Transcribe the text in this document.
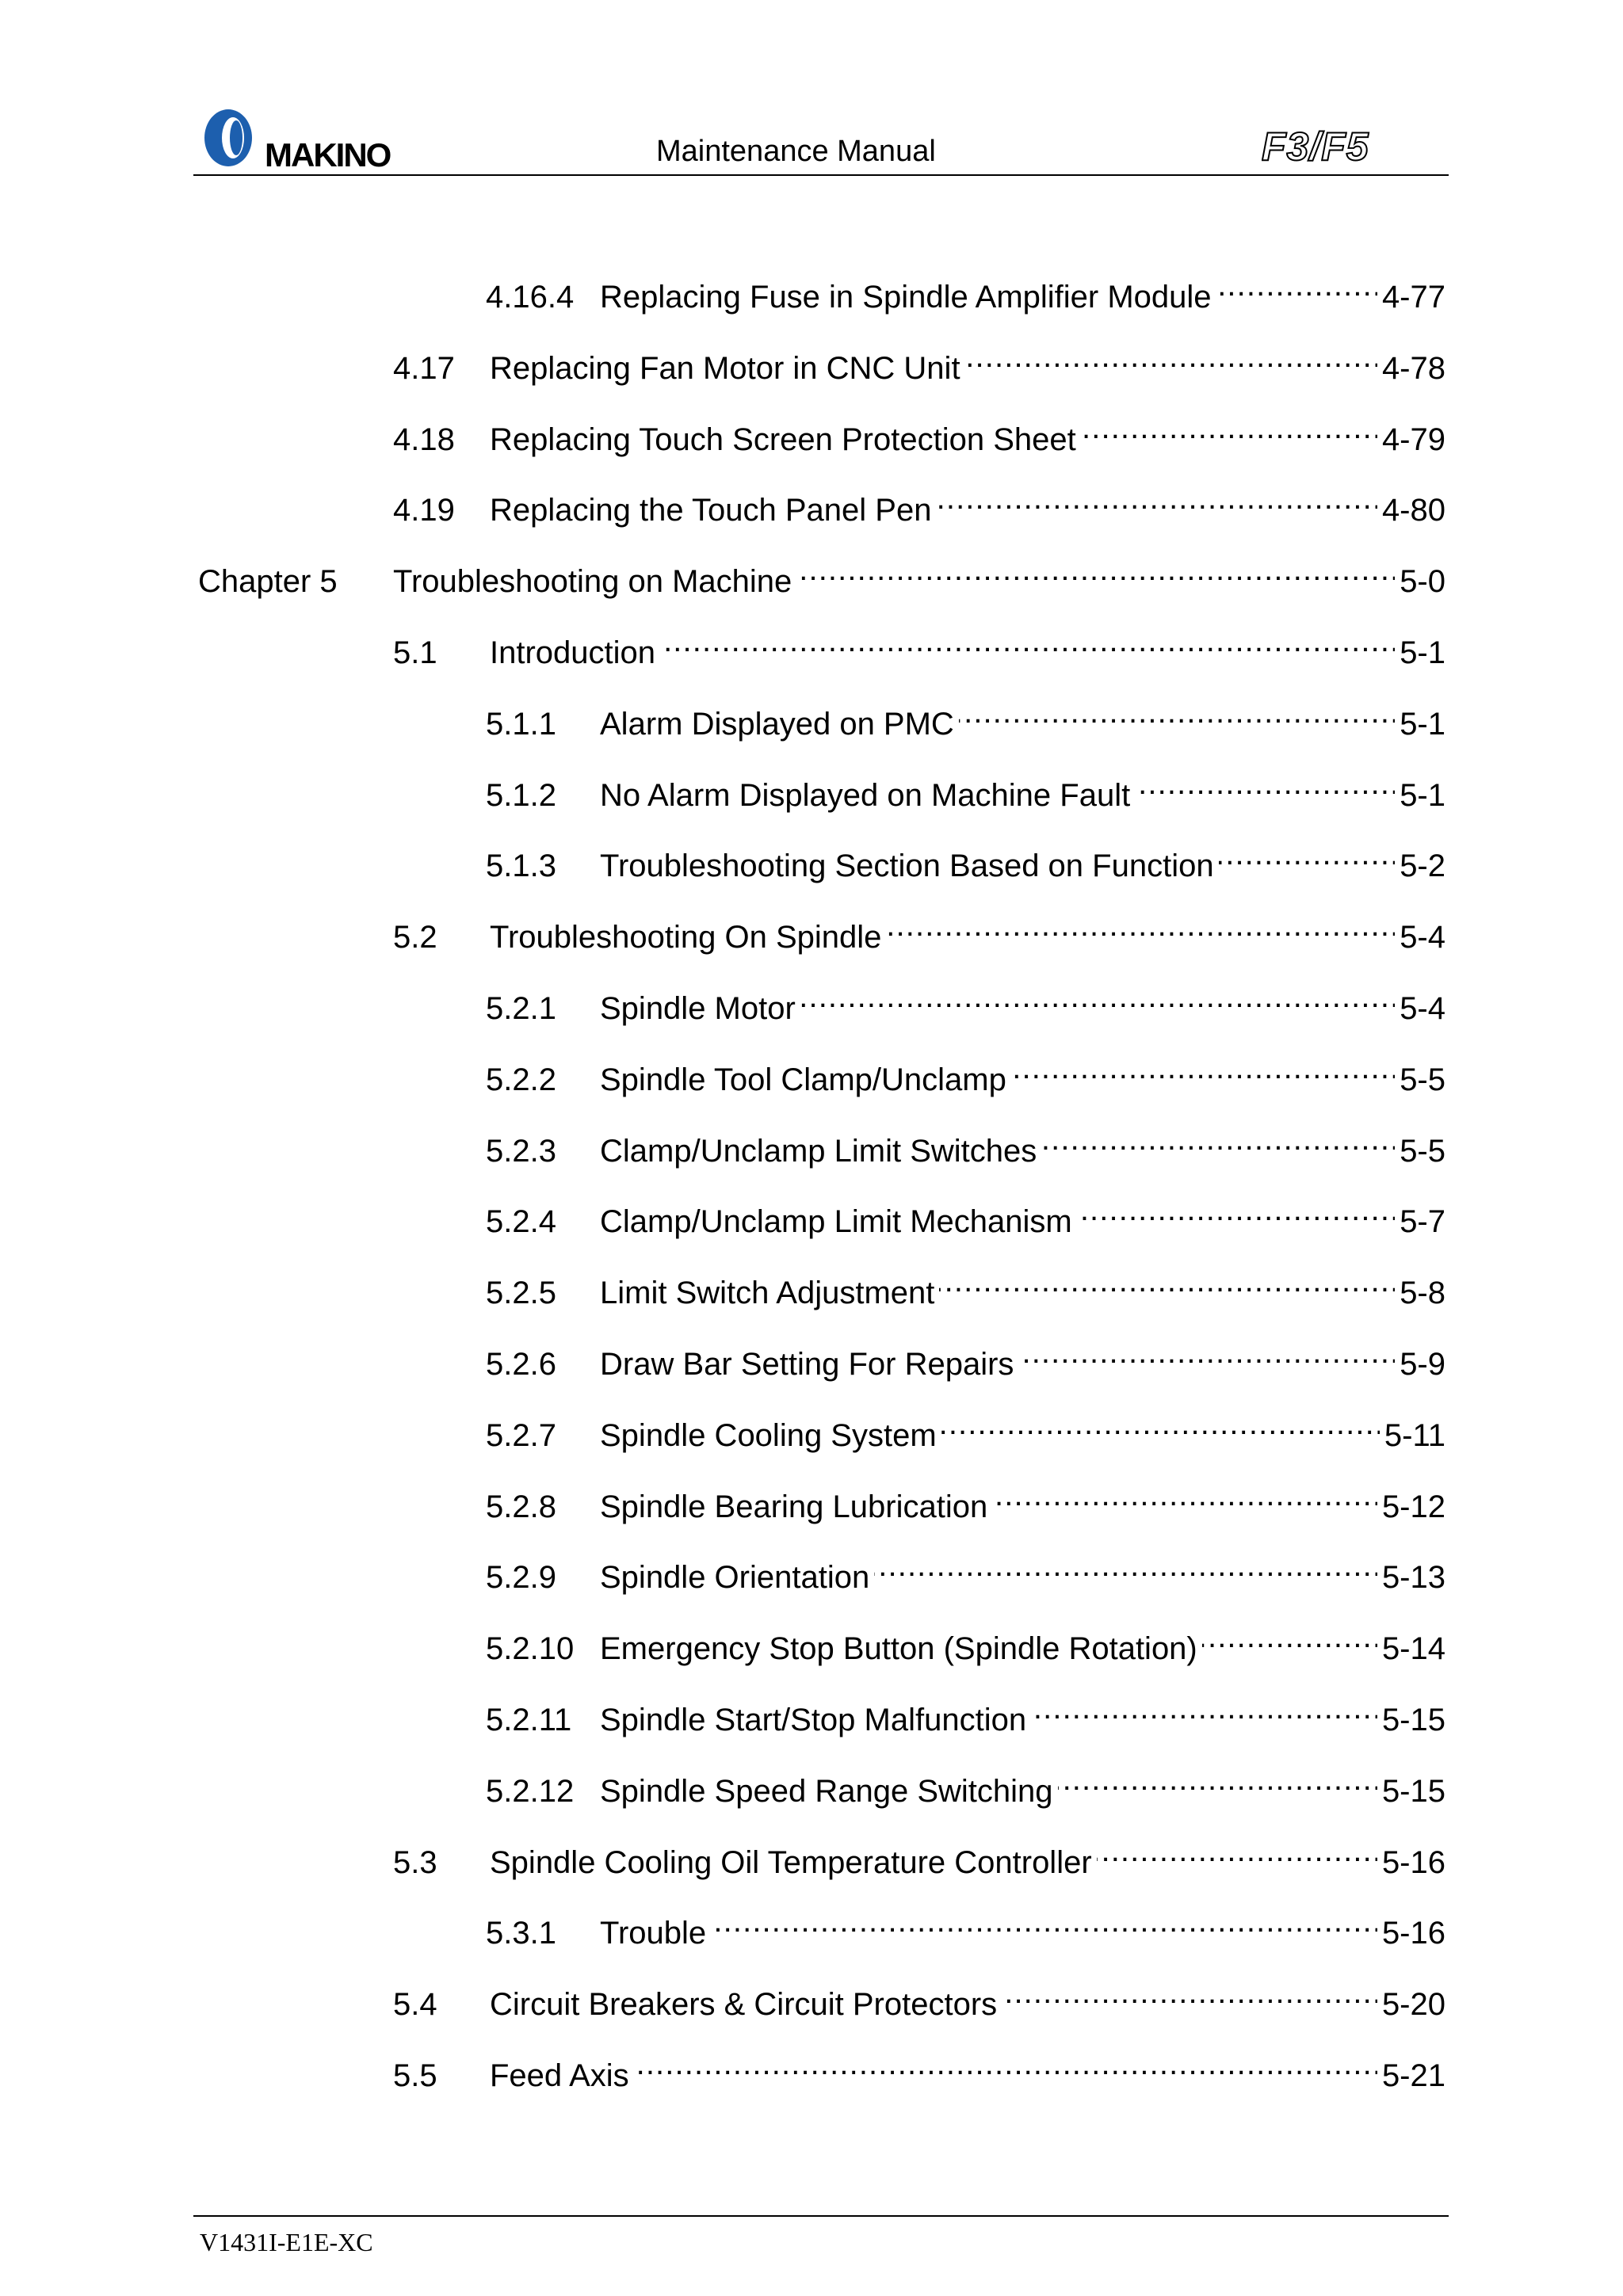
MAKINO	Maintenance Manual	F3/F5
4.16.4 Replacing Fuse in Spindle Amplifier Module . . .	4-77
4.17	Replacing Fan Motor in CNC Unit . . .	4-78
4.18	Replacing Touch Screen Protection Sheet . . .	4-79
4.19	Replacing the Touch Panel Pen . . .	4-80
Chapter 5	Troubleshooting on Machine . . .	5-0
5.1	Introduction . . .	5-1
5.1.1	Alarm Displayed on PMC . . .	5-1
5.1.2	No Alarm Displayed on Machine Fault . . .	5-1
5.1.3	Troubleshooting Section Based on Function . . .	5-2
5.2	Troubleshooting On Spindle . . .	5-4
5.2.1	Spindle Motor . . .	5-4
5.2.2	Spindle Tool Clamp/Unclamp . . .	5-5
5.2.3	Clamp/Unclamp Limit Switches . . .	5-5
5.2.4	Clamp/Unclamp Limit Mechanism . . .	5-7
5.2.5	Limit Switch Adjustment . . .	5-8
5.2.6	Draw Bar Setting For Repairs . . .	5-9
5.2.7	Spindle Cooling System . . .	5-11
5.2.8	Spindle Bearing Lubrication . . .	5-12
5.2.9	Spindle Orientation . . .	5-13
5.2.10 Emergency Stop Button (Spindle Rotation) . . .	5-14
5.2.11 Spindle Start/Stop Malfunction . . .	5-15
5.2.12 Spindle Speed Range Switching . . .	5-15
5.3	Spindle Cooling Oil Temperature Controller . . .	5-16
5.3.1	Trouble . . .	5-16
5.4	Circuit Breakers & Circuit Protectors . . .	5-20
5.5	Feed Axis . . .	5-21
V1431I-E1E-XC
